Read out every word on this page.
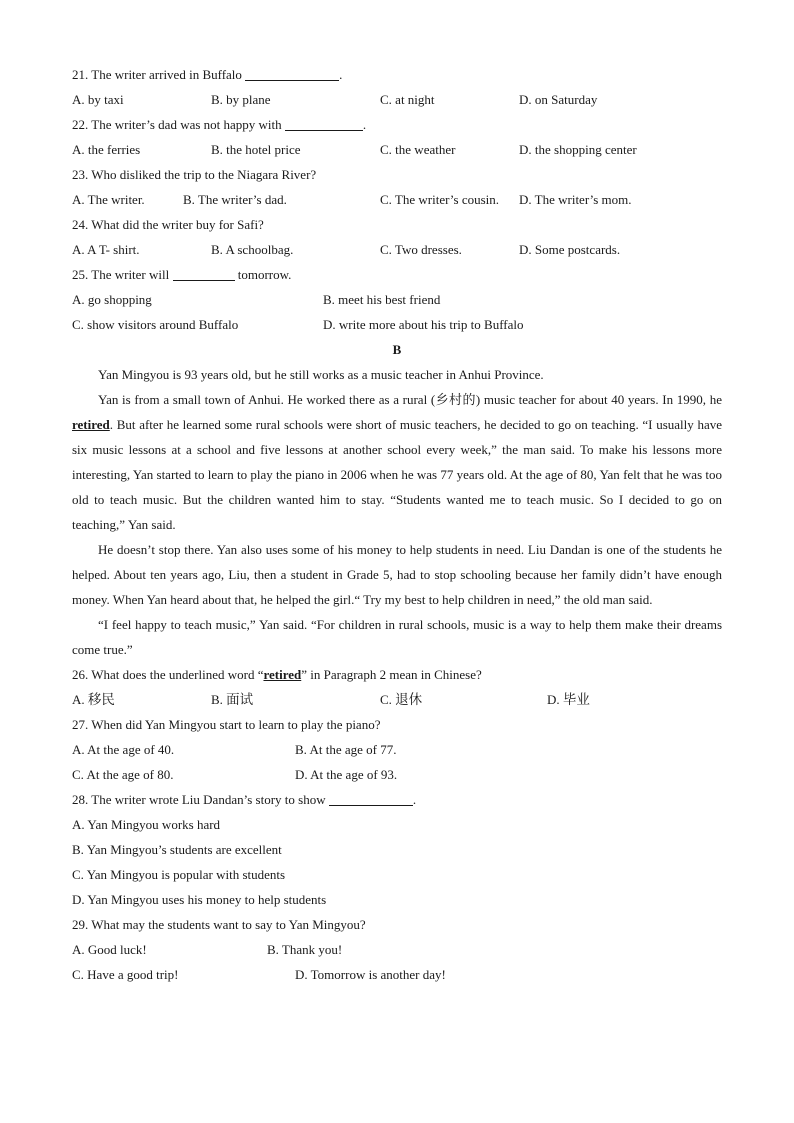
21. The writer arrived in Buffalo	.
A. by taxi	B. by plane	C. at night	D. on Saturday
22. The writer’s dad was not happy with	.
A. the ferries	B. the hotel price	C. the weather	D. the shopping center
23. Who disliked the trip to the Niagara River?
A. The writer.	B. The writer’s dad.	C. The writer’s cousin. D. The writer’s mom.
24. What did the writer buy for Safi?
A. A T- shirt.	B. A schoolbag.	C. Two dresses.	D. Some postcards.
25. The writer will	tomorrow.
A. go shopping	B. meet his best friend
C. show visitors around Buffalo	D. write more about his trip to Buffalo
B

Yan Mingyou is 93 years old, but he still works as a music teacher in Anhui Province.

Yan is from a small town of Anhui. He worked there as a rural (乡村的) music teacher for about 40 years. In 1990, he retired. But after he learned some rural schools were short of music teachers, he decided to go on teaching. “I usually have six music lessons at a school and five lessons at another school every week,” the man said. To make his lessons more interesting, Yan started to learn to play the piano in 2006 when he was 77 years old. At the age of 80, Yan felt that he was too old to teach music. But the children wanted him to stay. “Students wanted me to teach music. So I decided to go on teaching,” Yan said.

He doesn’t stop there. Yan also uses some of his money to help students in need. Liu Dandan is one of the students he helped. About ten years ago, Liu, then a student in Grade 5, had to stop schooling because her family didn’t have enough money. When Yan heard about that, he helped the girl.“ Try my best to help children in need,” the old man said.

“I feel happy to teach music,” Yan said. “For children in rural schools, music is a way to help them make their dreams come true.”

26. What does the underlined word “retired” in Paragraph 2 mean in Chinese?
A. 移民	B. 面试	C. 退休	D. 毕业
27. When did Yan Mingyou start to learn to play the piano?
A. At the age of 40.	B. At the age of 77.
C. At the age of 80.	D. At the age of 93.
28. The writer wrote Liu Dandan’s story to show	.
A. Yan Mingyou works hard
B. Yan Mingyou’s students are excellent
C. Yan Mingyou is popular with students
D. Yan Mingyou uses his money to help students
29. What may the students want to say to Yan Mingyou?
A. Good luck!	B. Thank you!
C. Have a good trip!	D. Tomorrow is another day!
